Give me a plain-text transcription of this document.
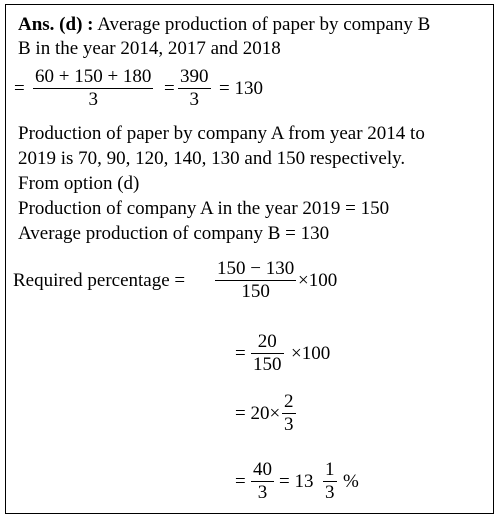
Ans. (d) : Average production of paper by company B
B in the year 2014, 2017 and 2018
= $\frac{60 + 150 + 180}{3} = \frac{390}{3} = 130$
Production of paper by company A from year 2014 to
2019 is 70, 90, 120, 140, 130 and 150 respectively.
From option (d)
Production of company A in the year 2019 = 150
Average production of company B = 130
Required percentage = $\frac{150 - 130}{150} \times 100$
= $\frac{20}{150} \times 100$
= $20\times \frac{2}{3}$
= $\frac{40}{3} = 13 \frac{1}{3}$ %
